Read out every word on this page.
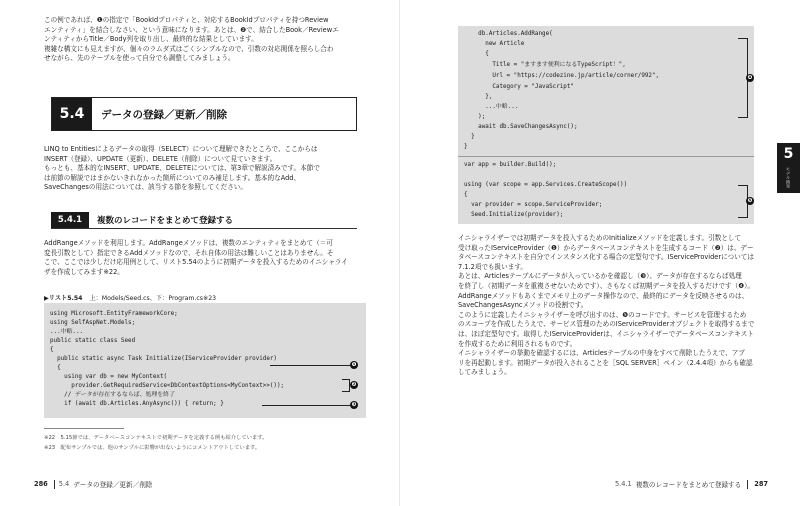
この例であれば、❶の指定で「BookIdプロパティと、対応するBookIdプロパティを持つReview
エンティティ」を結合しなさい、という意味になります。あとは、❷で、結合したBook／Reviewエ
ンティティからTitle／Body列を取り出し、最終的な結果としています。
複雑な構文にも見えますが、個々のラムダ式はごくシンプルなので、引数の対応関係を照らし合わ
せながら、先のテーブルを使って自分でも調整してみましょう。
5.4	データの登録／更新／削除
LINQ to Entitiesによるデータの取得（SELECT）について理解できたところで、ここからは
INSERT（登録）、UPDATE（更新）、DELETE（削除）について見ていきます。
もっとも、基本的なINSERT、UPDATE、DELETEについては、第3章で解説済みです。本節で
は前節の解説ではまかないきれなかった箇所についてのみ補足します。基本的なAdd、
SaveChangesの用法については、該当する節を参照してください。
5.4.1	複数のレコードをまとめて登録する
AddRangeメソッドを利用します。AddRangeメソッドは、複数のエンティティをまとめて（＝可
変長引数として）指定できるAddメソッドなので、それ自体の用法は難しいことはありません。そ
こで、ここでは少しだけ応用例として、リスト5.54のように初期データを投入するためのイニシャライ
ザを作成してみます※22。
▶リスト5.54 上：Models/Seed.cs、下：Program.cs※23
using Microsoft.EntityFrameworkCore;
using SelfAspNet.Models;
...中略...
public static class Seed
{
public static async Task Initialize(IServiceProvider provider)
{
using var db = new MyContext(
provider.GetRequiredService<DbContextOptions<MyContext>>());
// データが存在するならば、処理を終了
if (await db.Articles.AnyAsync()) { return; }
❶
❷
❸
※22　5.15節では、データベースコンテキストで初期データを定義する例も紹介しています。
※23　配布サンプルでは、他のサンプルに影響が出ないようにコメントアウトしています。
286 5.4 データの登録／更新／削除
db.Articles.AddRange(
new Article
{
Title = "ますます便利になるTypeScript！",
Url = "https://codezine.jp/article/corner/992",
Category = "JavaScript"
},
...中略...
);
await db.SaveChangesAsync();
}
}
var app = builder.Build();
using (var scope = app.Services.CreateScope())
{
var provider = scope.ServiceProvider;
Seed.Initialize(provider);
❹
❺
イニシャライザーでは初期データを投入するためのInitializeメソッドを定義します。引数として
受け取ったIServiceProvider（❶）からデータベースコンテキストを生成するコード（❷）は、デー
タベースコンテキストを自分でインスタンス化する場合の定型句です。IServiceProviderについては
7.1.2項でも扱います。
あとは、Articlesテーブルにデータが入っているかを確認し（❸）、データが存在するならば処理
を終了し（初期データを重複させないためです）、さもなくば初期データを投入するだけです（❹）。
AddRangeメソッドもあくまでメモリ上のデータ操作なので、最終的にデータを反映させるのは、
SaveChangesAsyncメソッドの役割です。
このように定義したイニシャライザーを呼び出すのは、❺のコードです。サービスを管理するため
のスコープを作成したうえで、サービス管理のためのIServiceProviderオブジェクトを取得するまで
は、ほぼ定型句です。取得したIServiceProviderは、イニシャライザーでデータベースコンテキスト
を作成するために利用されるものです。
イニシャライザーの挙動を確認するには、Articlesテーブルの中身をすべて削除したうえで、アプ
リを再起動します。初期データが投入されることを［SQL SERVER］ペイン（2.4.4項）からも確認
してみましょう。
5.4.1 複数のレコードをまとめて登録する 287
5
モデル開発
